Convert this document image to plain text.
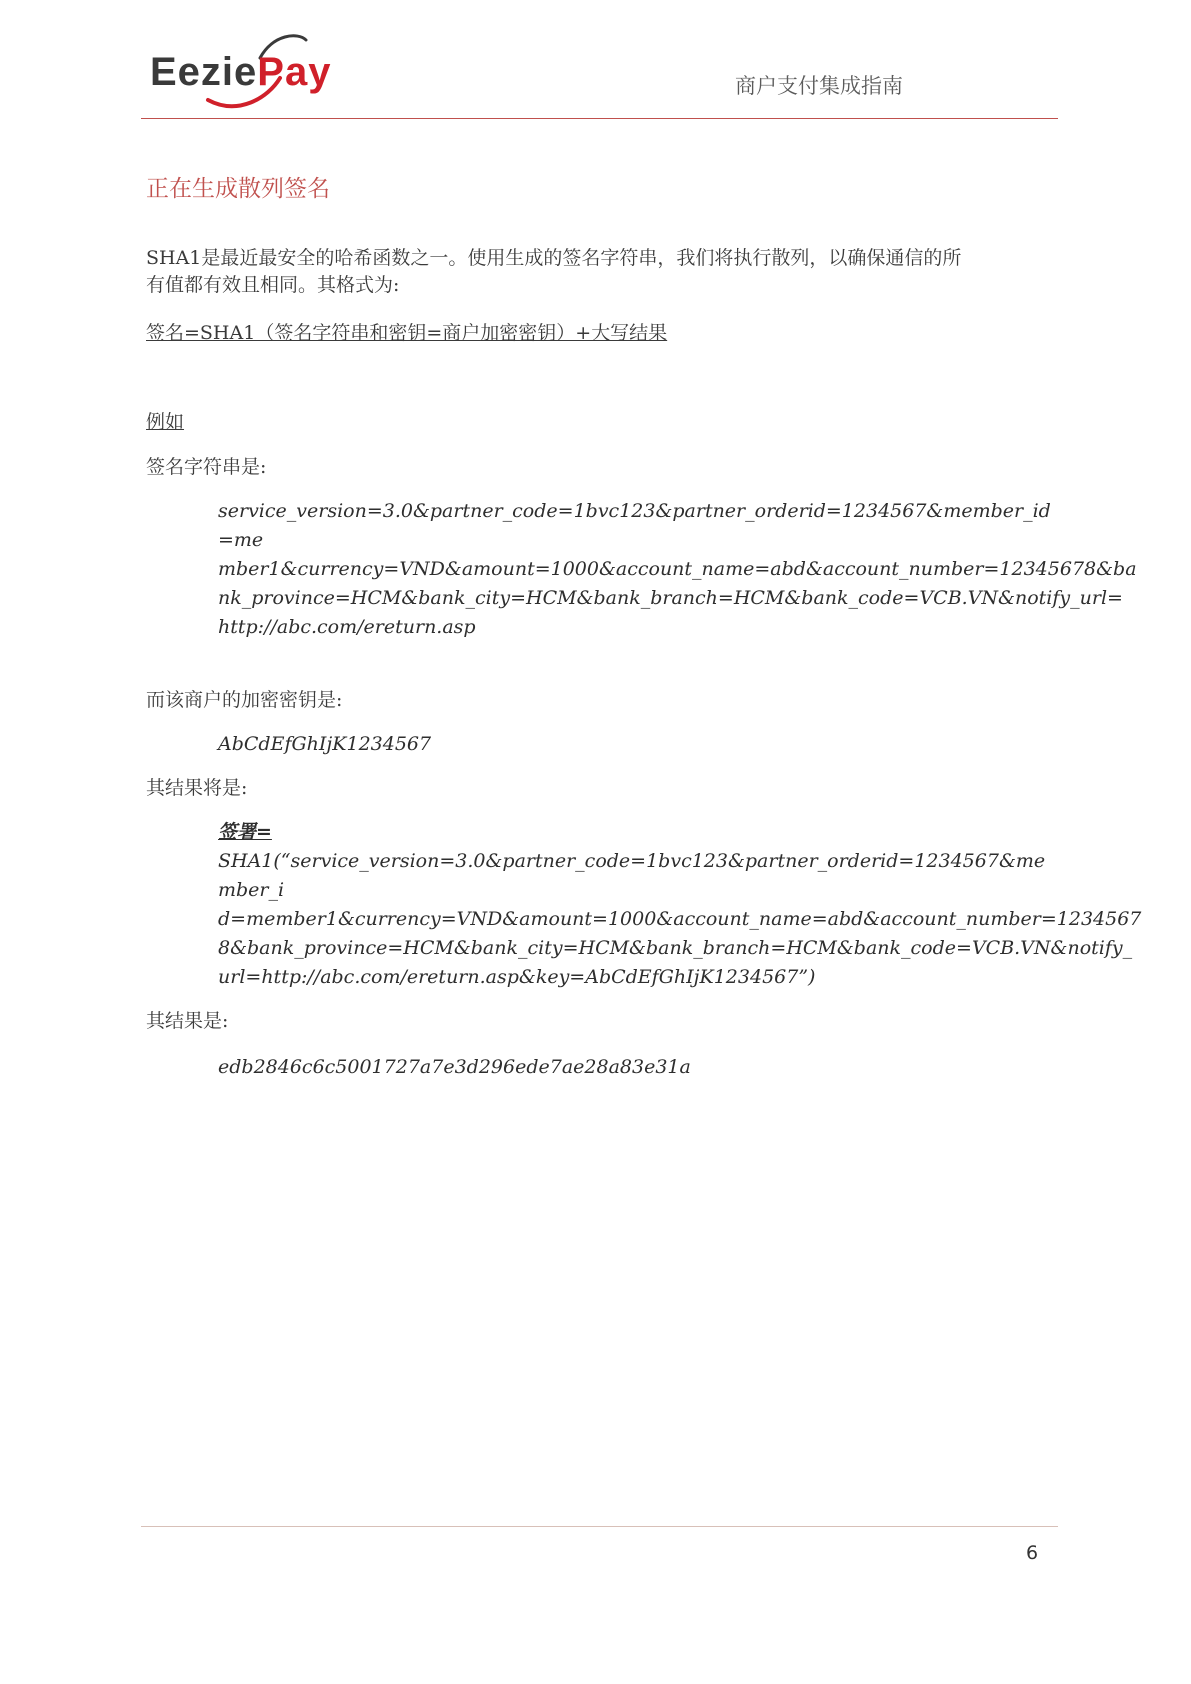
EeziePay	商户支付集成指南
正在生成散列签名
SHA1是最近最安全的哈希函数之一。使用生成的签名字符串，我们将执行散列，以确保通信的所
有值都有效且相同。其格式为:
签名=SHA1（签名字符串和密钥=商户加密密钥）+大写结果
例如
签名字符串是:
service_version=3.0&partner_code=1bvc123&partner_orderid=1234567&member_id
=me
mber1&currency=VND&amount=1000&account_name=abd&account_number=12345678&ba
nk_province=HCM&bank_city=HCM&bank_branch=HCM&bank_code=VCB.VN&notify_url=
http://abc.com/ereturn.asp
而该商户的加密密钥是:
AbCdEfGhIjK1234567
其结果将是:
签署=
SHA1(“service_version=3.0&partner_code=1bvc123&partner_orderid=1234567&me
mber_i
d=member1&currency=VND&amount=1000&account_name=abd&account_number=1234567
8&bank_province=HCM&bank_city=HCM&bank_branch=HCM&bank_code=VCB.VN&notify_
url=http://abc.com/ereturn.asp&key=AbCdEfGhIjK1234567”)
其结果是:
edb2846c6c5001727a7e3d296ede7ae28a83e31a
6
